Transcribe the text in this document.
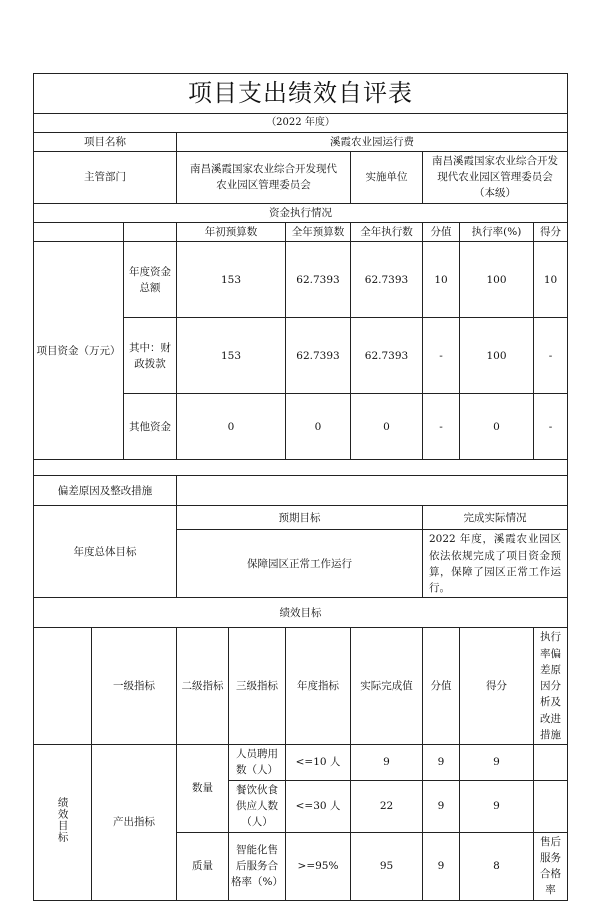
项目支出绩效自评表									
（2022 年度）									
项目名称			溪霞农业园运行费						
主管部门			南昌溪霞国家农业综合开发现代农业园区管理委员会			实施单位	南昌溪霞国家农业综合开发现代农业园区管理委员会（本级）		
资金执行情况									
			年初预算数		全年预算数	全年执行数	分值	执行率(%)	得分
项目资金（万元）		年度资金总额	153		62.7393	62.7393	10	100	10
		其中：财政拨款	153		62.7393	62.7393	-	100	-
		其他资金	0		0	0	-	0	-

偏差原因及整改措施									
年度总体目标			预期目标				完成实际情况		
			保障园区正常工作运行				2022 年度，溪霞农业园区依法依规完成了项目资金预算，保障了园区正常工作运行。		
绩效目标									
	一级指标		二级指标	三级指标	年度指标	实际完成值	分值	得分	执行率偏差原因分析及改进措施
绩效目标	产出指标		数量	人员聘用数（人）	<=10 人	9	9	9	
				餐饮伙食供应人数（人）	<=30 人	22	9	9	
			质量	智能化售后服务合格率（%）	>=95%	95	9	8	售后服务合格率
